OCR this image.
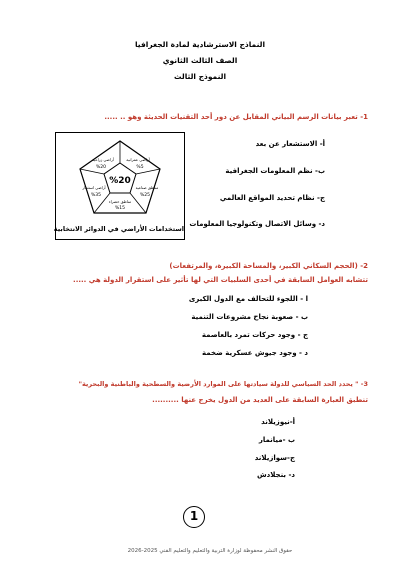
النماذج الاسترشادية لمادة الجغرافيا
الصف الثالث الثانوي
النموذج الثالث
1- تعبر بيانات الرسم البياني المقابل عن دور أحد التقنيات الحديثة وهو .. .....
%20
أراضي زراعية
%20
أراضي عمرانية
%5
مناطق صناعية
%25
مناطق خضراء
%15
أراضي استثمار
%35
استخدامات الأراضي في الدوائر الانتخابية
أ- الاستشعار عن بعد
ب- نظم المعلومات الجغرافية
ج- نظام تحديد المواقع العالمي
د- وسائل الاتصال وتكنولوجيا المعلومات
2- (الحجم السكاني الكبير، والمساحة الكبيرة، والمرتفعات)
تتشابه العوامل السابقة في أحدى السلبيات التي لها تأثير على استقرار الدولة هي .....
ا - اللجوء للتحالف مع الدول الكبرى
ب - صعوبة نجاح مشروعات التنمية
ج - وجود حركات تمرد بالعاصمة
د - وجود جيوش عسكرية ضخمة
3- " يحدد الحد السياسي للدولة سيادتها على الموارد الأرضية والسطحية والباطنية والبحرية"
تنطبق العبارة السابقة على العديد من الدول يخرج عنها ..........
أ-نيوزيلاند
ب -ميانمار
ج-سوازيلاند
د- بنجلادش
1
حقوق النشر محفوظة لوزارة التربية والتعليم والتعليم الفني 2025-2026
